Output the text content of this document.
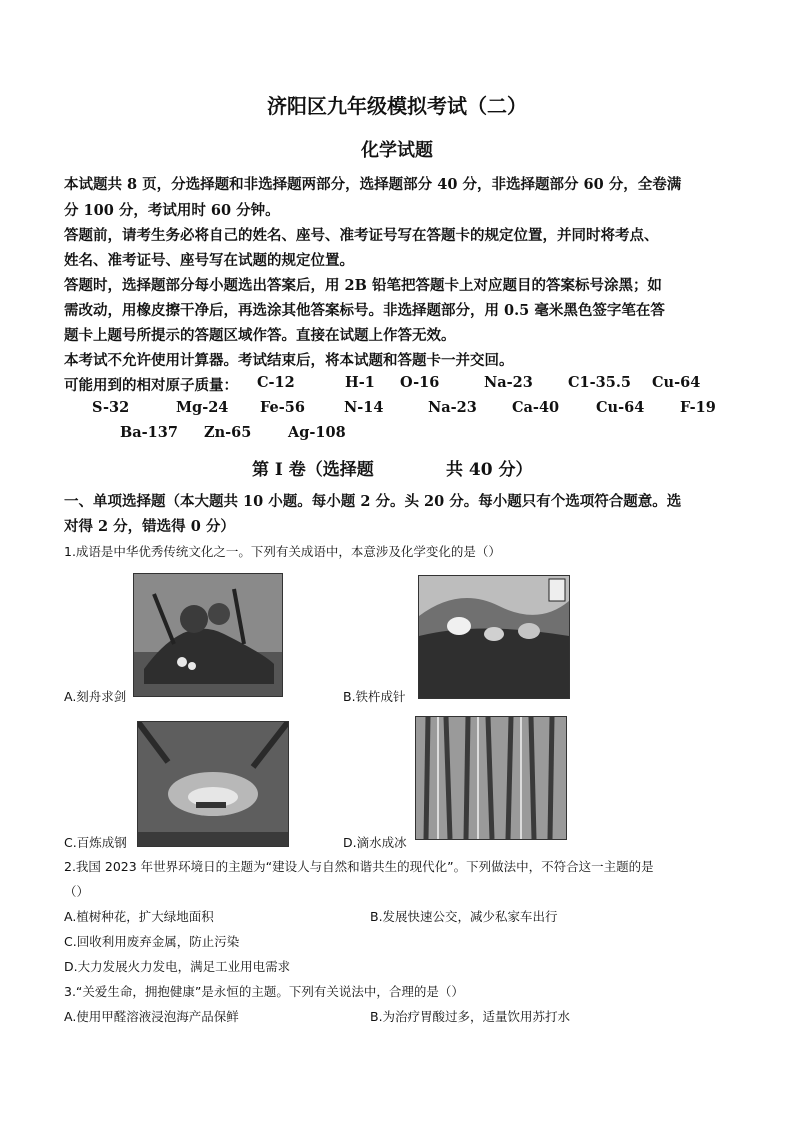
济阳区九年级模拟考试（二）
化学试题
本试题共 8 页，分选择题和非选择题两部分，选择题部分 40 分，非选择题部分 60 分，全卷满
分 100 分，考试用时 60 分钟。
答题前，请考生务必将自己的姓名、座号、准考证号写在答题卡的规定位置，并同时将考点、
姓名、准考证号、座号写在试题的规定位置。
答题时，选择题部分每小题选出答案后，用 2B 铅笔把答题卡上对应题目的答案标号涂黑；如
需改动，用橡皮擦干净后，再选涂其他答案标号。非选择题部分，用 0.5 毫米黑色签字笔在答
题卡上题号所提示的答题区域作答。直接在试题上作答无效。
本考试不允许使用计算器。考试结束后，将本试题和答题卡一并交回。
可能用到的相对原子质量： C-12	H-1 O-16	Na-23 C1-35.5 Cu-64
S-32	Mg-24 Fe-56	N-14	Na-23 Ca-40	Cu-64 F-19
Ba-137 Zn-65	Ag-108
第 I 卷（选择题	共 40 分）
一、单项选择题（本大题共 10 小题。每小题 2 分。头 20 分。每小题只有个选项符合题意。选
对得 2 分，错选得 0 分）
1.成语是中华优秀传统文化之一。下列有关成语中，本意涉及化学变化的是（）
A.刻舟求剑	B.铁杵成针
C.百炼成钢	D.滴水成冰
2.我国 2023 年世界环境日的主题为“建设人与自然和谐共生的现代化”。下列做法中，不符合这一主题的是
（）
A.植树种花，扩大绿地面积	B.发展快速公交，减少私家车出行
C.回收利用废弃金属，防止污染
D.大力发展火力发电，满足工业用电需求
3.“关爱生命，拥抱健康”是永恒的主题。下列有关说法中，合理的是（）
A.使用甲醛溶液浸泡海产品保鲜	B.为治疗胃酸过多，适量饮用苏打水
